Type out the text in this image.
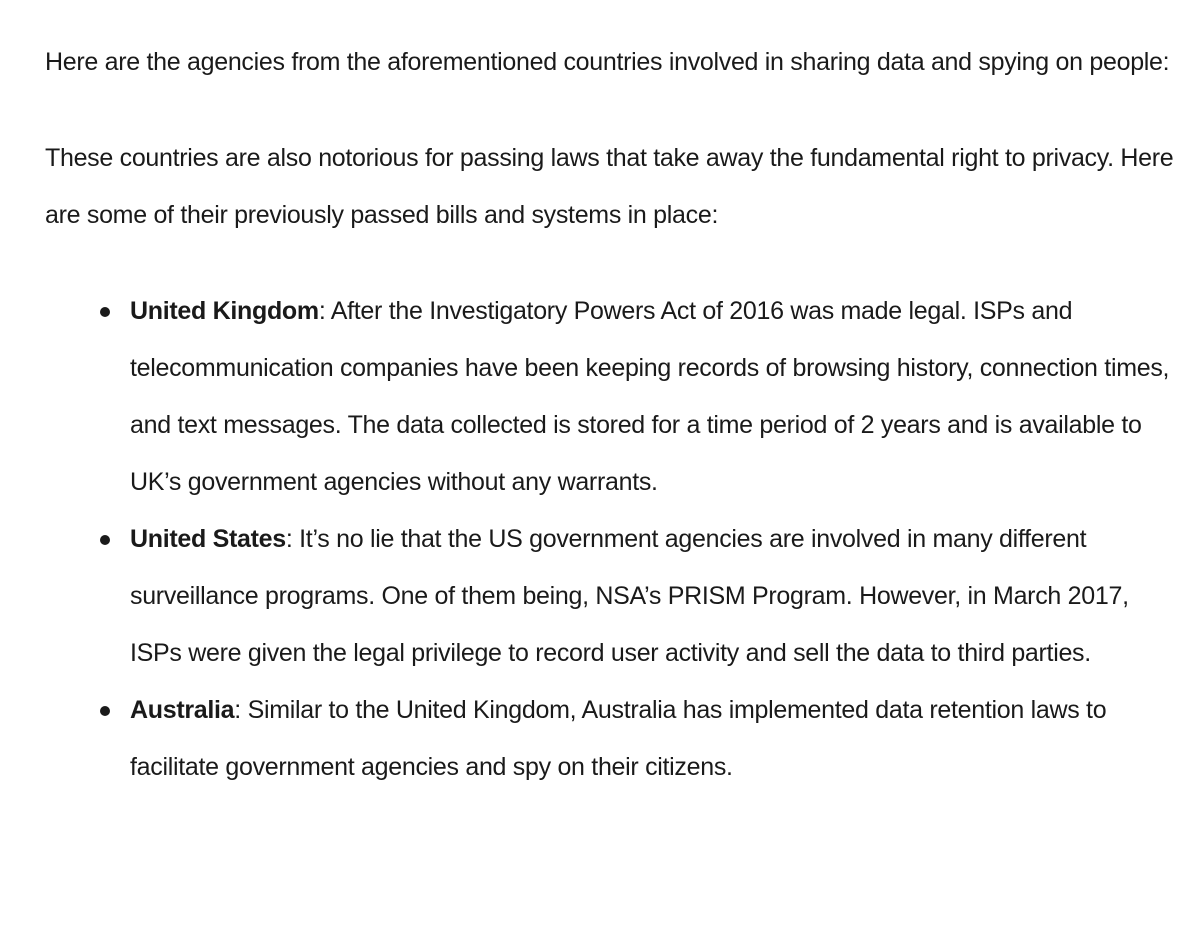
Here are the agencies from the aforementioned countries involved in sharing data and spying on people:

These countries are also notorious for passing laws that take away the fundamental right to privacy. Here are some of their previously passed bills and systems in place:

United Kingdom: After the Investigatory Powers Act of 2016 was made legal. ISPs and telecommunication companies have been keeping records of browsing history, connection times, and text messages. The data collected is stored for a time period of 2 years and is available to UK’s government agencies without any warrants.
United States: It’s no lie that the US government agencies are involved in many different surveillance programs. One of them being, NSA’s PRISM Program. However, in March 2017, ISPs were given the legal privilege to record user activity and sell the data to third parties.
Australia: Similar to the United Kingdom, Australia has implemented data retention laws to facilitate government agencies and spy on their citizens.
